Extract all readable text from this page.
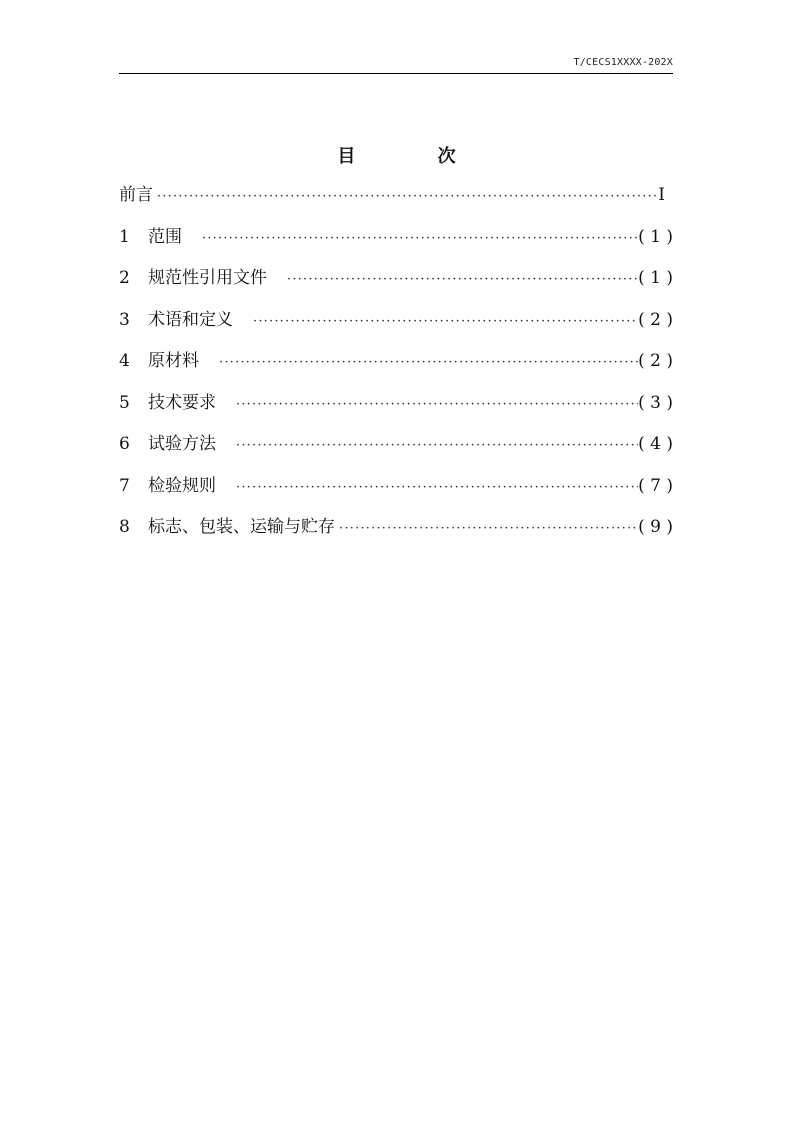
T/CECS1XXXX-202X
目 次
前言 ·····	I
1	范围 ·····	( 1 )
2	规范性引用文件 ·····	( 1 )
3	术语和定义 ·····	( 2 )
4	原材料 ·····	( 2 )
5	技术要求 ·····	( 3 )
6	试验方法 ·····	( 4 )
7	检验规则 ·····	( 7 )
8	标志、包装、运输与贮存 ·····	( 9 )
